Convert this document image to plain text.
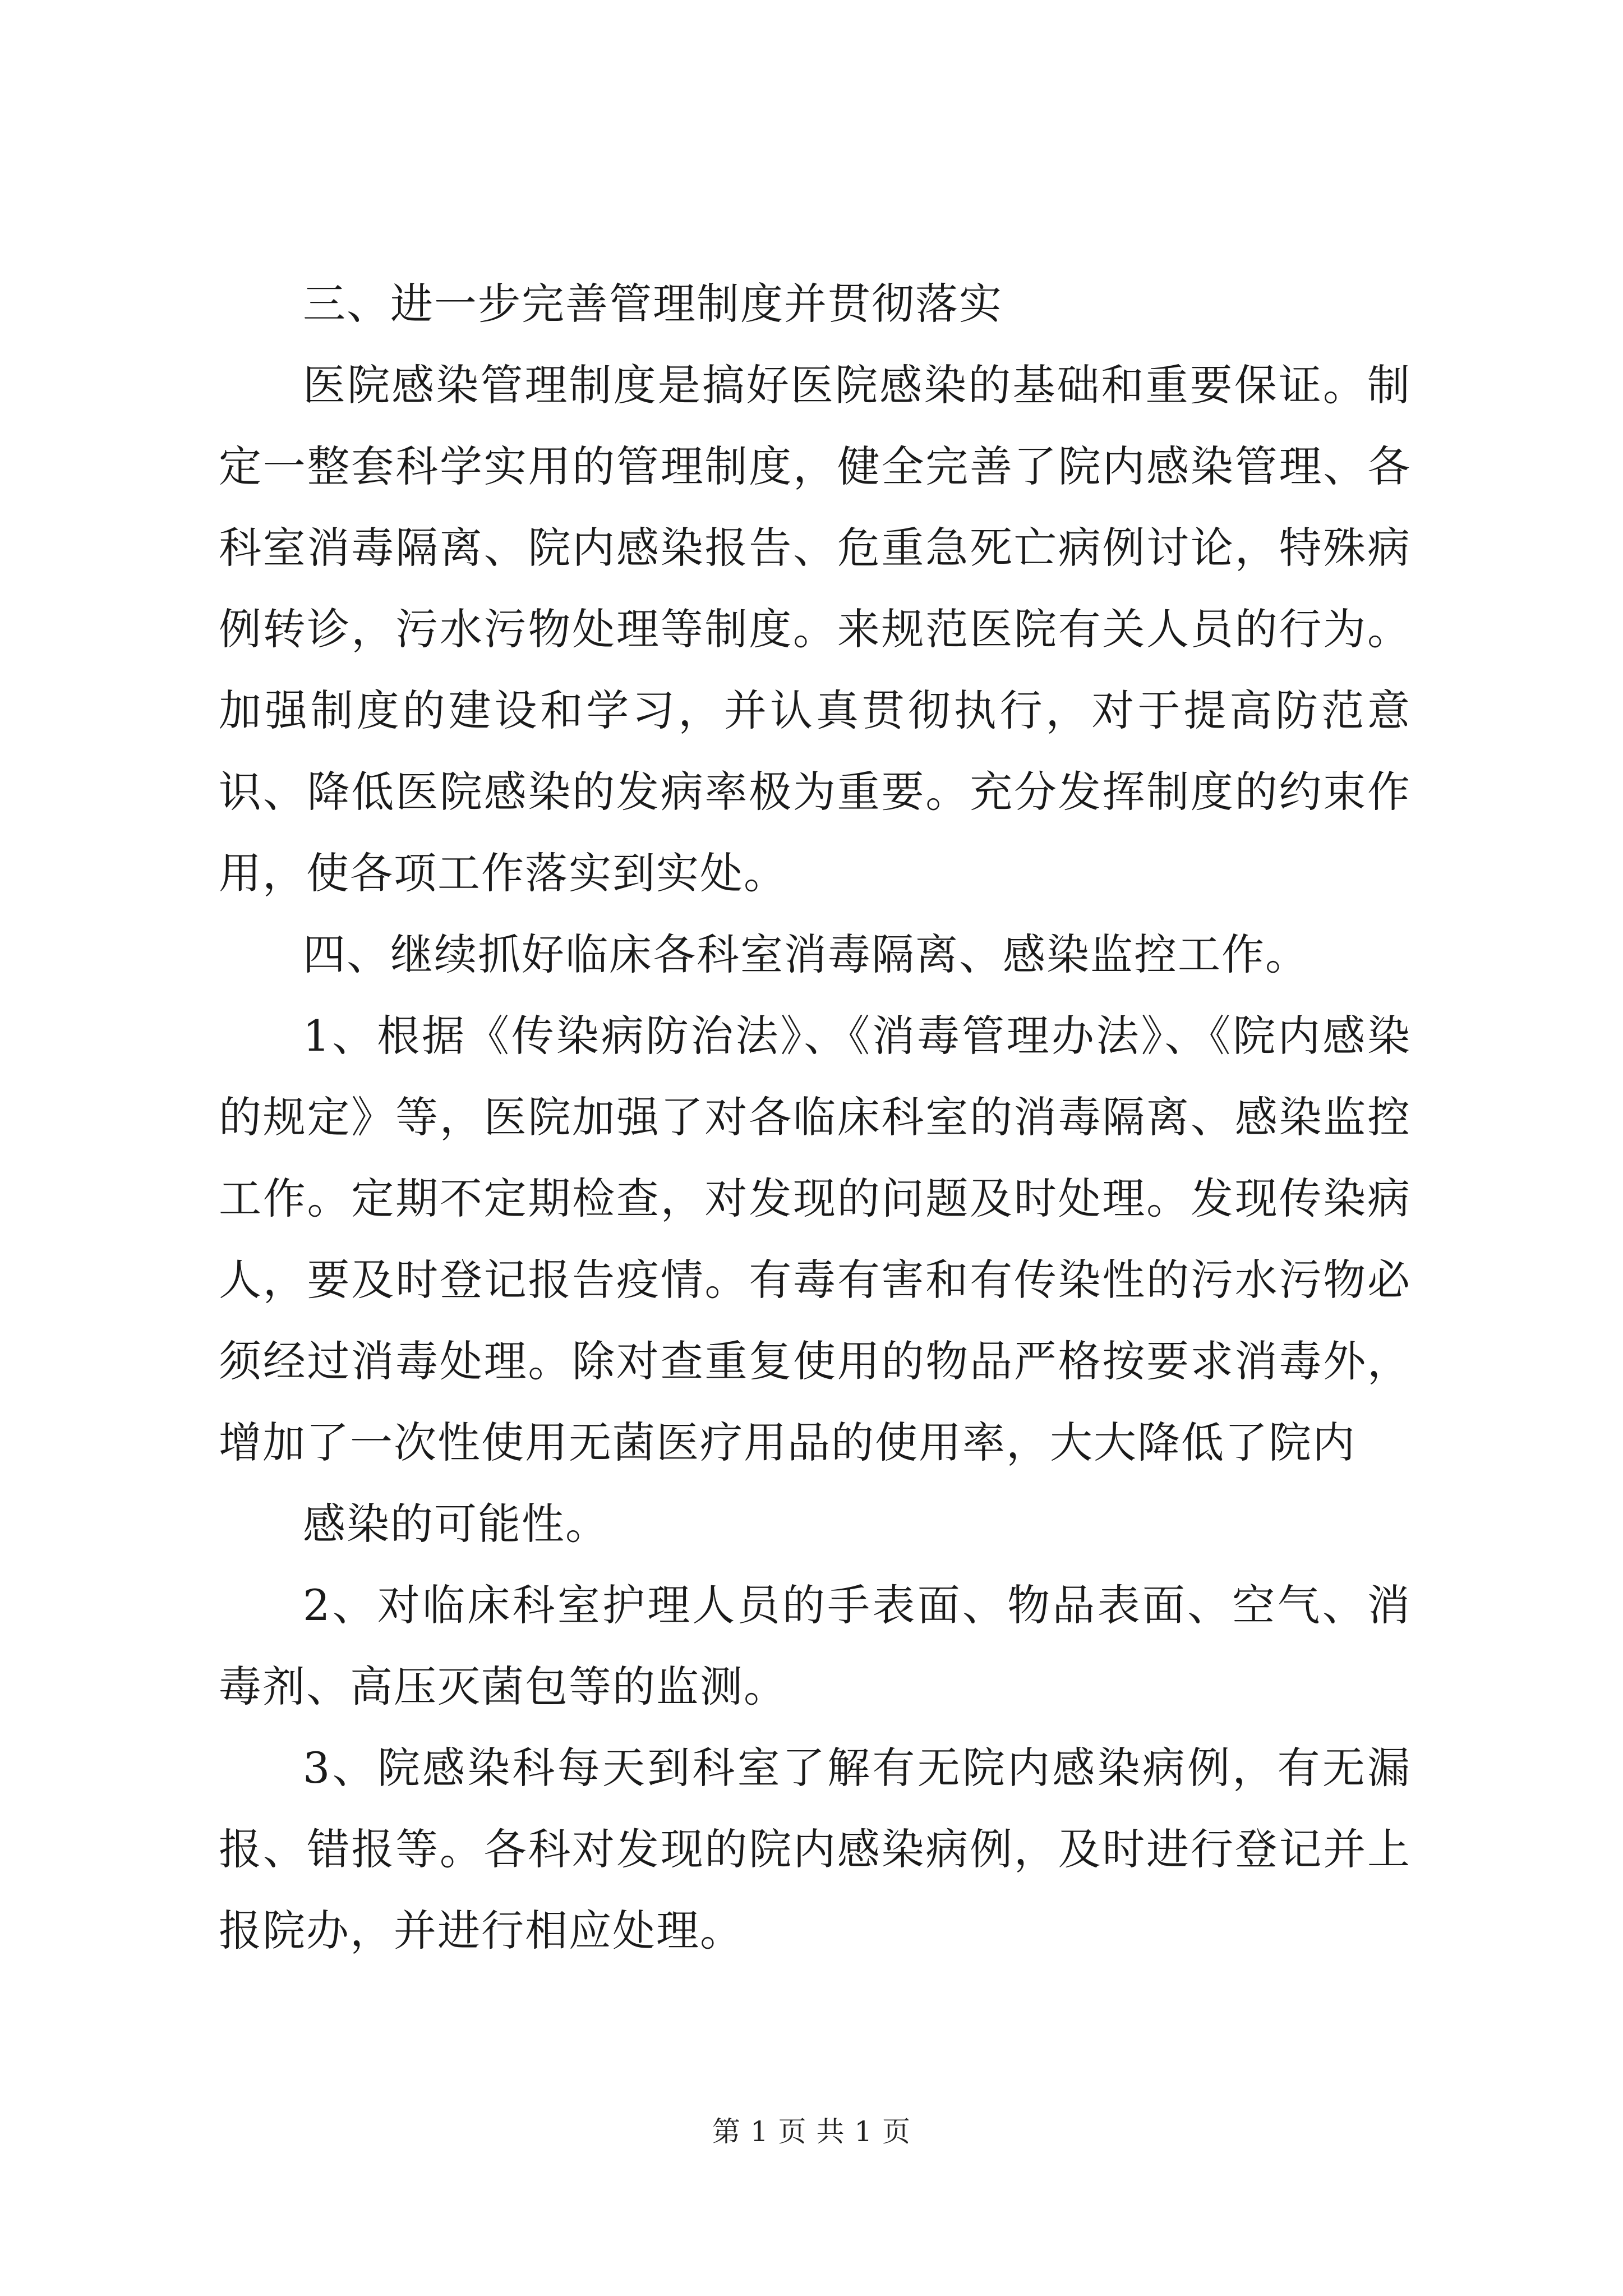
三、进一步完善管理制度并贯彻落实

医院感染管理制度是搞好医院感染的基础和重要保证。制定一整套科学实用的管理制度，健全完善了院内感染管理、各科室消毒隔离、院内感染报告、危重急死亡病例讨论，特殊病例转诊，污水污物处理等制度。来规范医院有关人员的行为。加强制度的建设和学习，并认真贯彻执行，对于提高防范意识、降低医院感染的发病率极为重要。充分发挥制度的约束作用，使各项工作落实到实处。

四、继续抓好临床各科室消毒隔离、感染监控工作。

1、根据《传染病防治法》、《消毒管理办法》、《院内感染的规定》等，医院加强了对各临床科室的消毒隔离、感染监控工作。定期不定期检查，对发现的问题及时处理。发现传染病人，要及时登记报告疫情。有毒有害和有传染性的污水污物必须经过消毒处理。除对查重复使用的物品严格按要求消毒外，增加了一次性使用无菌医疗用品的使用率，大大降低了院内

感染的可能性。

2、对临床科室护理人员的手表面、物品表面、空气、消毒剂、高压灭菌包等的监测。

3、院感染科每天到科室了解有无院内感染病例，有无漏报、错报等。各科对发现的院内感染病例，及时进行登记并上报院办，并进行相应处理。

第 1 页 共 1 页
